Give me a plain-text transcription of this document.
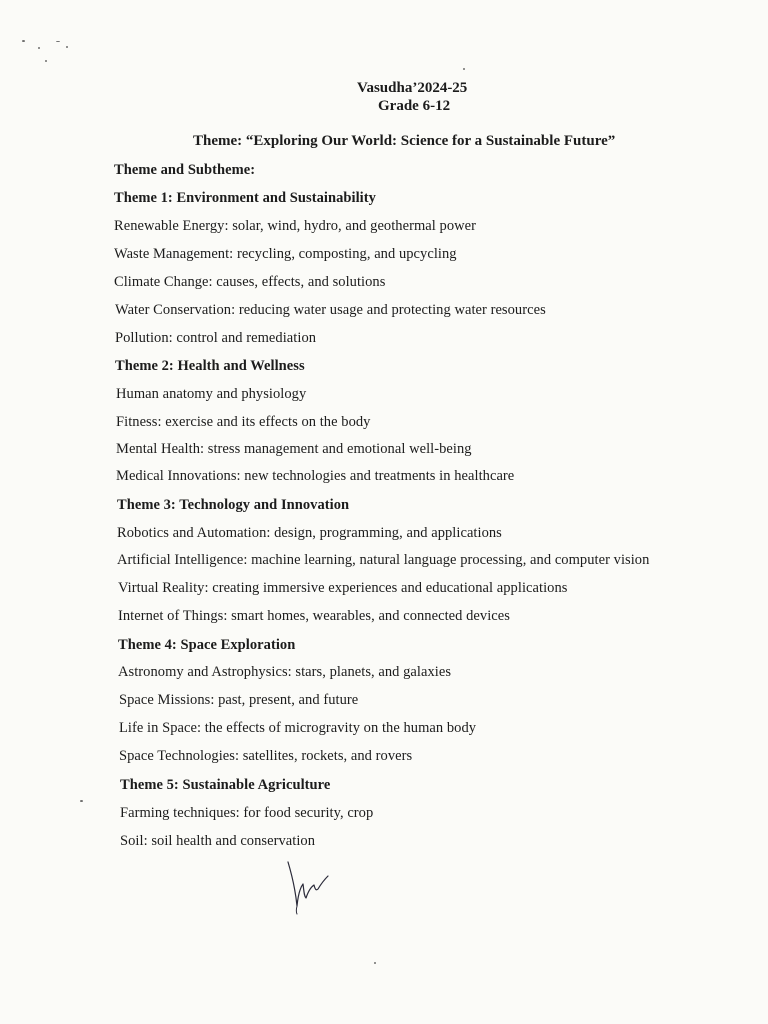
Vasudha’2024-25
Grade 6-12
Theme: “Exploring Our World: Science for a Sustainable Future”
Theme and Subtheme:
Theme 1: Environment and Sustainability
Renewable Energy: solar, wind, hydro, and geothermal power
Waste Management: recycling, composting, and upcycling
Climate Change: causes, effects, and solutions
Water Conservation: reducing water usage and protecting water resources
Pollution: control and remediation
Theme 2: Health and Wellness
Human anatomy and physiology
Fitness: exercise and its effects on the body
Mental Health: stress management and emotional well-being
Medical Innovations: new technologies and treatments in healthcare
Theme 3: Technology and Innovation
Robotics and Automation: design, programming, and applications
Artificial Intelligence: machine learning, natural language processing, and computer vision
Virtual Reality: creating immersive experiences and educational applications
Internet of Things: smart homes, wearables, and connected devices
Theme 4: Space Exploration
Astronomy and Astrophysics: stars, planets, and galaxies
Space Missions: past, present, and future
Life in Space: the effects of microgravity on the human body
Space Technologies: satellites, rockets, and rovers
Theme 5: Sustainable Agriculture
Farming techniques: for food security, crop
Soil: soil health and conservation
